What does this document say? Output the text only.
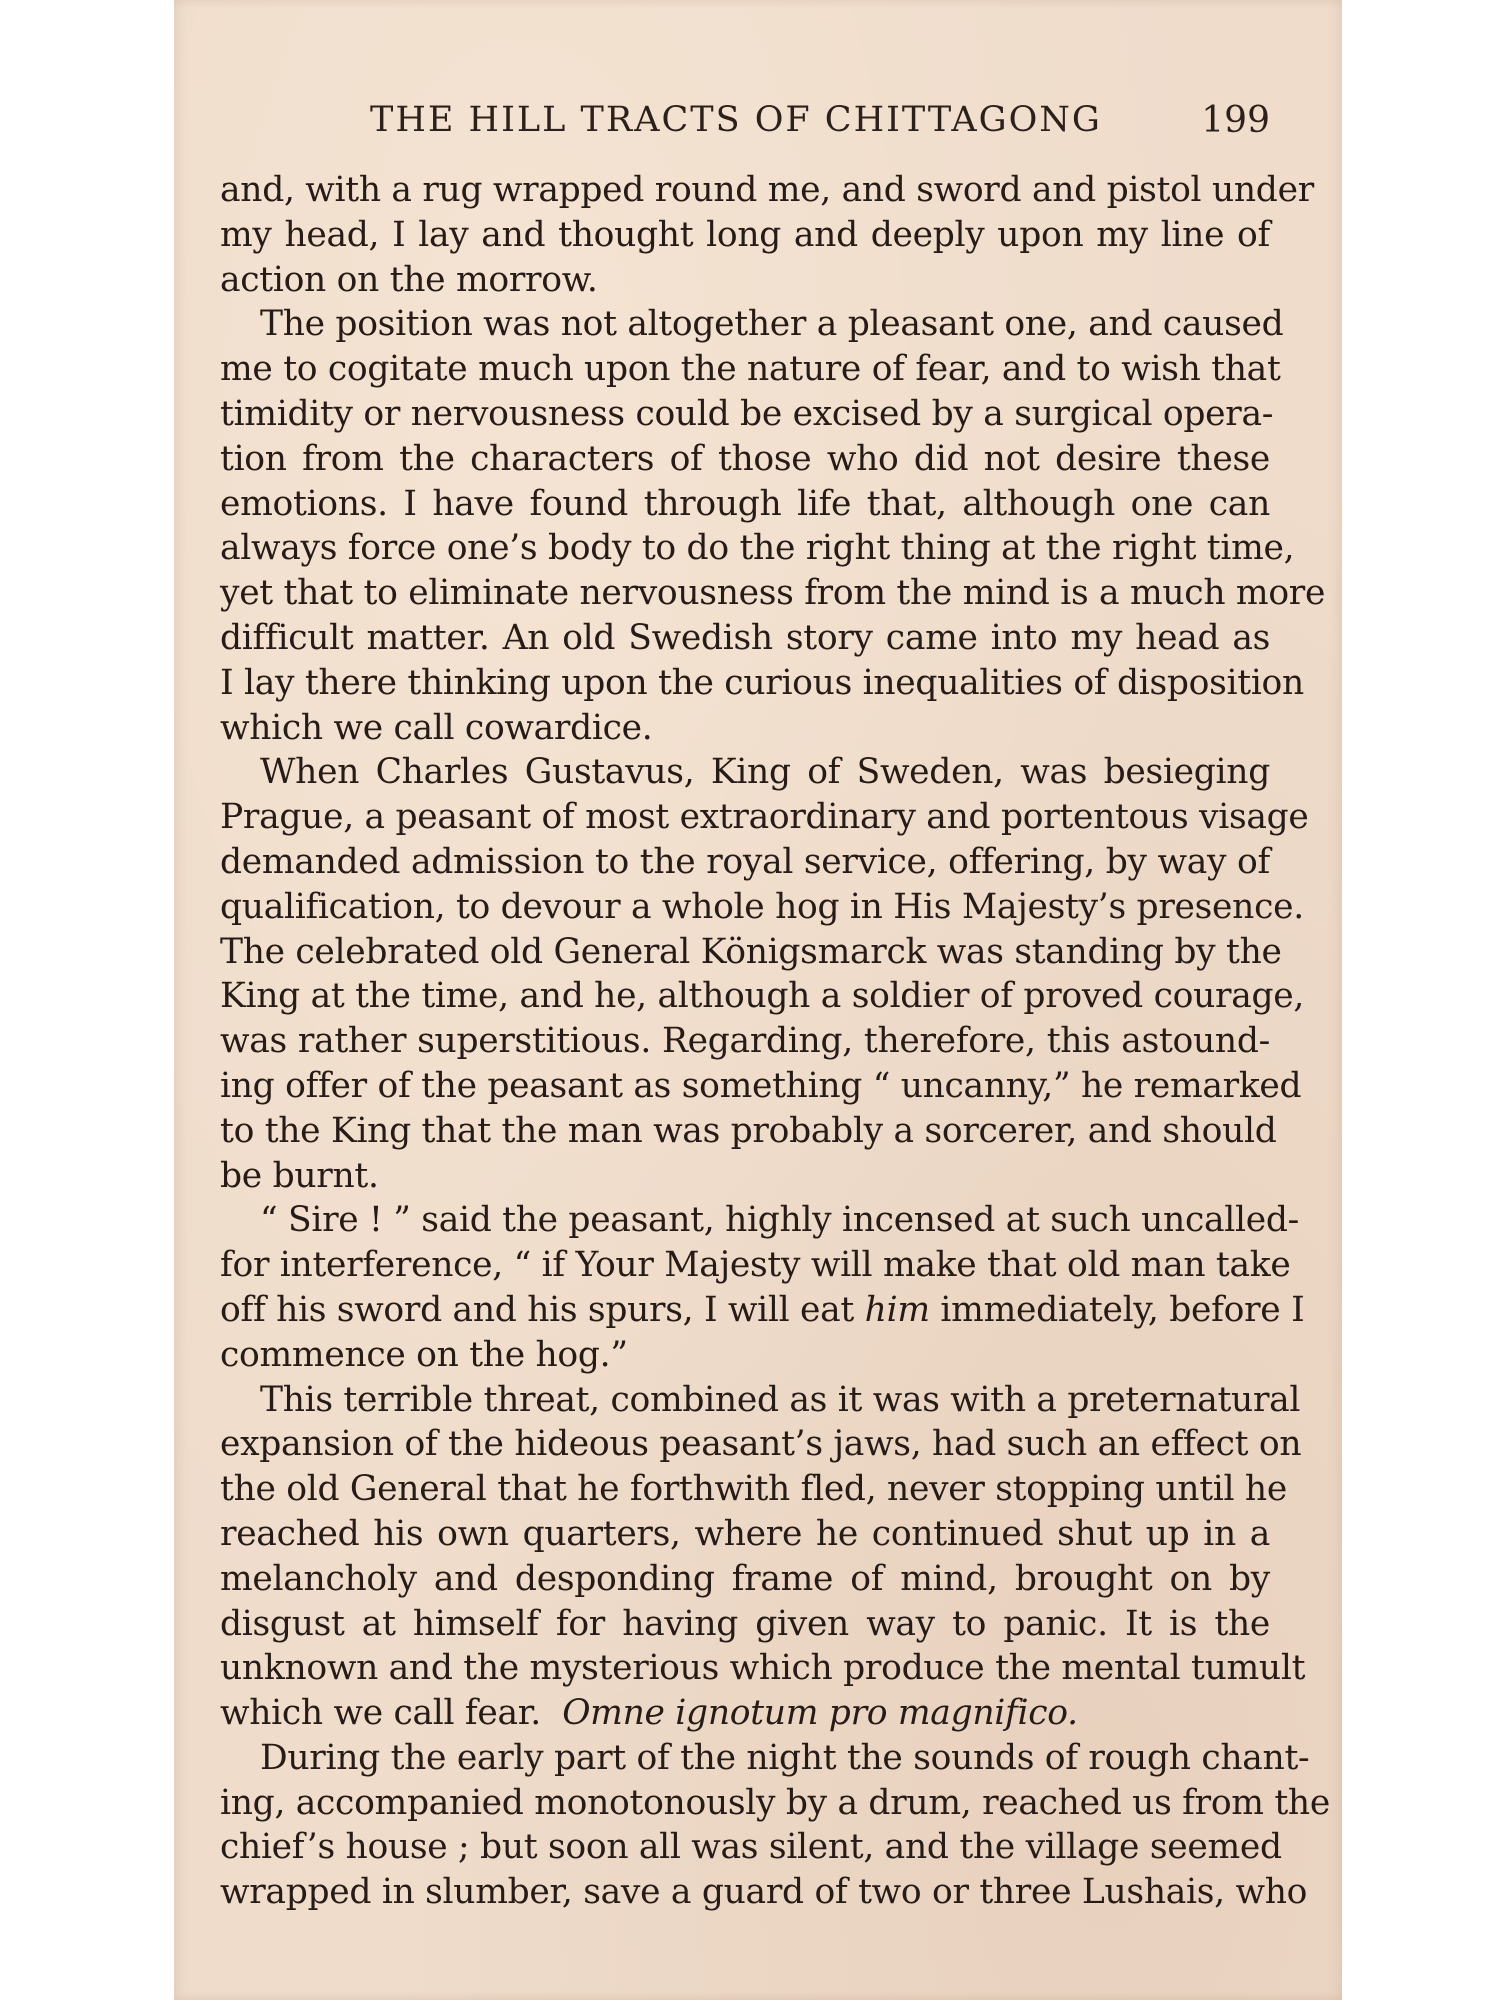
THE HILL TRACTS OF CHITTAGONG	199
and, with a rug wrapped round me, and sword and pistol under
my head, I lay and thought long and deeply upon my line of
action on the morrow.
The position was not altogether a pleasant one, and caused
me to cogitate much upon the nature of fear, and to wish that
timidity or nervousness could be excised by a surgical opera-
tion from the characters of those who did not desire these
emotions. I have found through life that, although one can
always force one’s body to do the right thing at the right time,
yet that to eliminate nervousness from the mind is a much more
difficult matter. An old Swedish story came into my head as
I lay there thinking upon the curious inequalities of disposition
which we call cowardice.
When Charles Gustavus, King of Sweden, was besieging
Prague, a peasant of most extraordinary and portentous visage
demanded admission to the royal service, offering, by way of
qualification, to devour a whole hog in His Majesty’s presence.
The celebrated old General Königsmarck was standing by the
King at the time, and he, although a soldier of proved courage,
was rather superstitious. Regarding, therefore, this astound-
ing offer of the peasant as something “ uncanny,” he remarked
to the King that the man was probably a sorcerer, and should
be burnt.
“ Sire ! ” said the peasant, highly incensed at such uncalled-
for interference, “ if Your Majesty will make that old man take
off his sword and his spurs, I will eat him immediately, before I
commence on the hog.”
This terrible threat, combined as it was with a preternatural
expansion of the hideous peasant’s jaws, had such an effect on
the old General that he forthwith fled, never stopping until he
reached his own quarters, where he continued shut up in a
melancholy and desponding frame of mind, brought on by
disgust at himself for having given way to panic. It is the
unknown and the mysterious which produce the mental tumult
which we call fear. Omne ignotum pro magnifico.
During the early part of the night the sounds of rough chant-
ing, accompanied monotonously by a drum, reached us from the
chief’s house ; but soon all was silent, and the village seemed
wrapped in slumber, save a guard of two or three Lushais, who
